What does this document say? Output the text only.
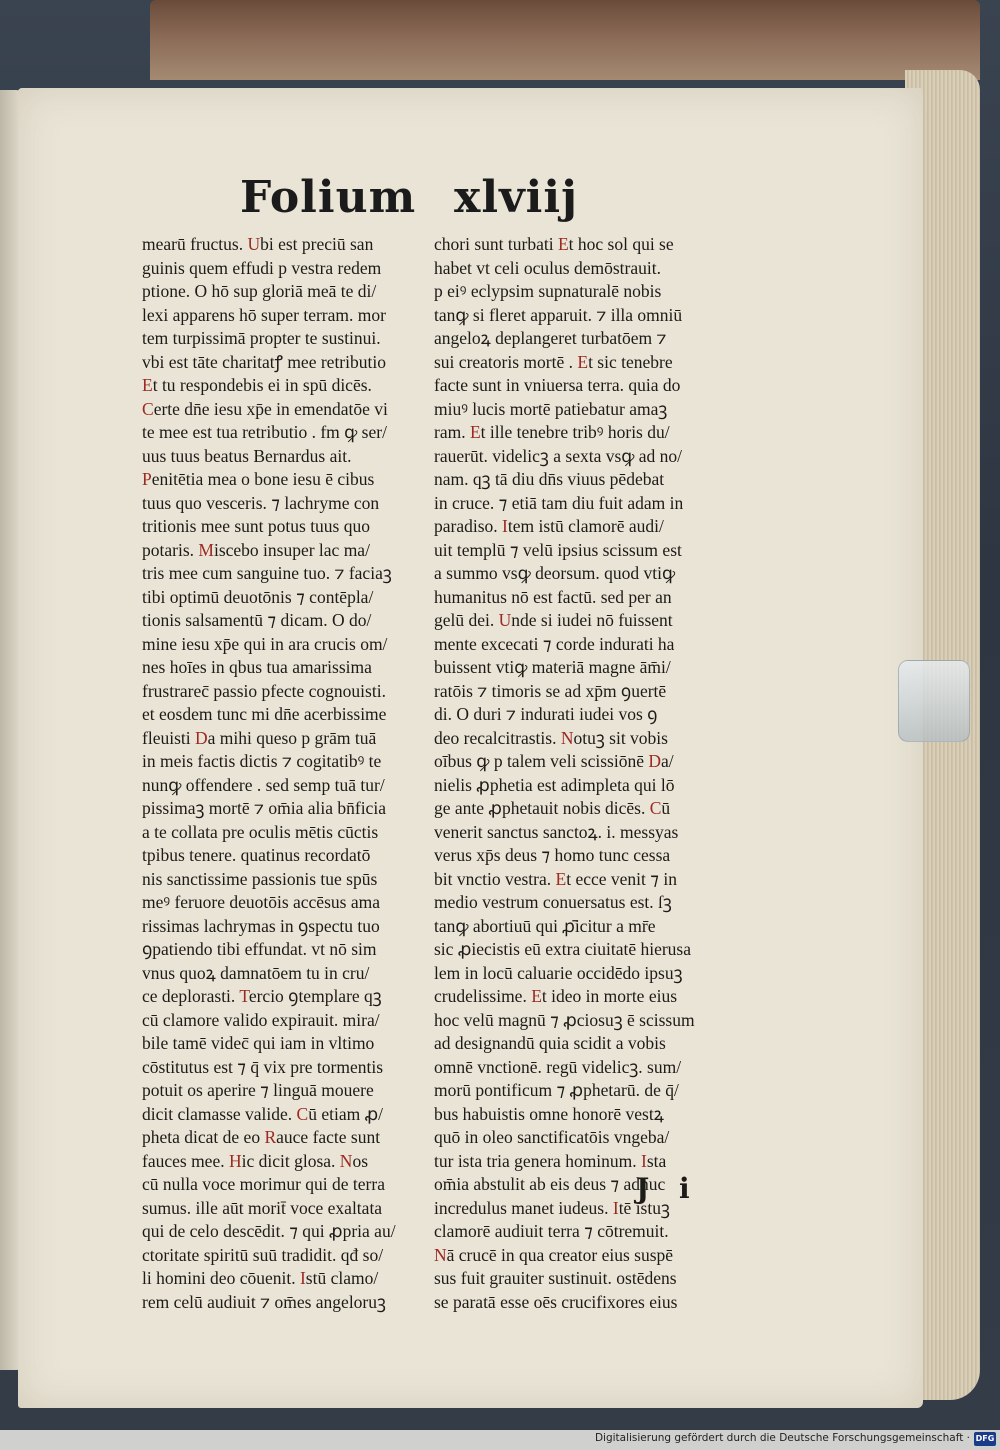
Folium xlviij
mearū fructus. Ubi est preciū san
guinis quem effudi p vestra redem
ptione. O hō sup gloriā meā te di/
lexi apparens hō super terram. mor
tem turpissimā propter te sustinui.
vbi est tāte charitatꝭ mee retributio
Et tu respondebis ei in spū dicēs.
Certe dn̄e iesu xp̄e in emendatōe vi
te mee est tua retributio . fm ꝙ ser/
uus tuus beatus Bernardus ait.
Penitētia mea o bone iesu ē cibus
tuus quo vesceris. ⁊ lachryme con
tritionis mee sunt potus tuus quo
potaris. Miscebo insuper lac ma/
tris mee cum sanguine tuo. ⁊ faciaꝫ
tibi optimū deuotōnis ⁊ contēpla/
tionis salsamentū ⁊ dicam. O do/
mine iesu xp̄e qui in ara crucis om/
nes hoīes in qbus tua amarissima
frustrarec̄ passio pfecte cognouisti.
et eosdem tunc mi dn̄e acerbissime
fleuisti Da mihi queso p grām tuā
in meis factis dictis ⁊ cogitatibꝰ te
nunꝙ offendere . sed semp tuā tur/
pissimaꝫ mortē ⁊ om̄ia alia bn̄ficia
a te collata pre oculis mētis cūctis
tpibus tenere. quatinus recordatō
nis sanctissime passionis tue spūs
meꝰ feruore deuotōis accēsus ama
rissimas lachrymas in ꝯspectu tuo
ꝯpatiendo tibi effundat. vt nō sim
vnus quoꝝ damnatōem tu in cru/
ce deplorasti. Tercio ꝯtemplare qꝫ
cū clamore valido expirauit. mira/
bile tamē videc̄ qui iam in vltimo
cōstitutus est ⁊ q̄ vix pre tormentis
potuit os aperire ⁊ linguā mouere
dicit clamasse valide. Cū etiam ꝓ/
pheta dicat de eo Rauce facte sunt
fauces mee. Hic dicit glosa. Nos
cū nulla voce morimur qui de terra
sumus. ille aūt morit̄ voce exaltata
qui de celo descēdit. ⁊ qui ꝓpria au/
ctoritate spiritū suū tradidit. qđ so/
li homini deo cōuenit. Istū clamo/
rem celū audiuit ⁊ om̄es angeloruꝫ
chori sunt turbati Et hoc sol qui se
habet vt celi oculus demōstrauit.
p eiꝰ eclypsim supnaturalē nobis
tanꝙ si fleret apparuit. ⁊ illa omniū
angeloꝝ deplangeret turbatōem ⁊
sui creatoris mortē . Et sic tenebre
facte sunt in vniuersa terra. quia do
miuꝰ lucis mortē patiebatur amaꝫ
ram. Et ille tenebre tribꝰ horis du/
rauerūt. videlicꝫ a sexta vsꝙ ad no/
nam. qꝫ tā diu dn̄s viuus pēdebat
in cruce. ⁊ etiā tam diu fuit adam in
paradiso. Item istū clamorē audi/
uit templū ⁊ velū ipsius scissum est
a summo vsꝙ deorsum. quod vtiꝙ
humanitus nō est factū. sed per an
gelū dei. Unde si iudei nō fuissent
mente excecati ⁊ corde indurati ha
buissent vtiꝙ materiā magne ām̄i/
ratōis ⁊ timoris se ad xp̄m ꝯuertē
di. O duri ⁊ indurati iudei vos ꝯ
deo recalcitrastis. Notuꝫ sit vobis
oībus ꝙ p talem veli scissiōnē Da/
nielis ꝓphetia est adimpleta qui lō
ge ante ꝓphetauit nobis dicēs. Cū
venerit sanctus sanctoꝝ. i. messyas
verus xp̄s deus ⁊ homo tunc cessa
bit vnctio vestra. Et ecce venit ⁊ in
medio vestrum conuersatus est. ſꝫ
tanꝙ abortiuū qui ꝓ̄icitur a mr̄e
sic ꝓiecistis eū extra ciuitatē hierusa
lem in locū caluarie occidēdo ipsuꝫ
crudelissime. Et ideo in morte eius
hoc velū magnū ⁊ ꝓciosuꝫ ē scissum
ad designandū quia scidit a vobis
omnē vnctionē. regū videlicꝫ. sum/
morū pontificum ⁊ ꝓphetarū. de q̄/
bus habuistis omne honorē vestꝝ
quō in oleo sanctificatōis vngeba/
tur ista tria genera hominum. Ista
om̄ia abstulit ab eis deus ⁊ adhuc
incredulus manet iudeus. Itē istuꝫ
clamorē audiuit terra ⁊ cōtremuit.
Nā crucē in qua creator eius suspē
sus fuit grauiter sustinuit. ostēdens
se paratā esse oēs crucifixores eius
J i
Digitalisierung gefördert durch die Deutsche Forschungsgemeinschaft · DFG
